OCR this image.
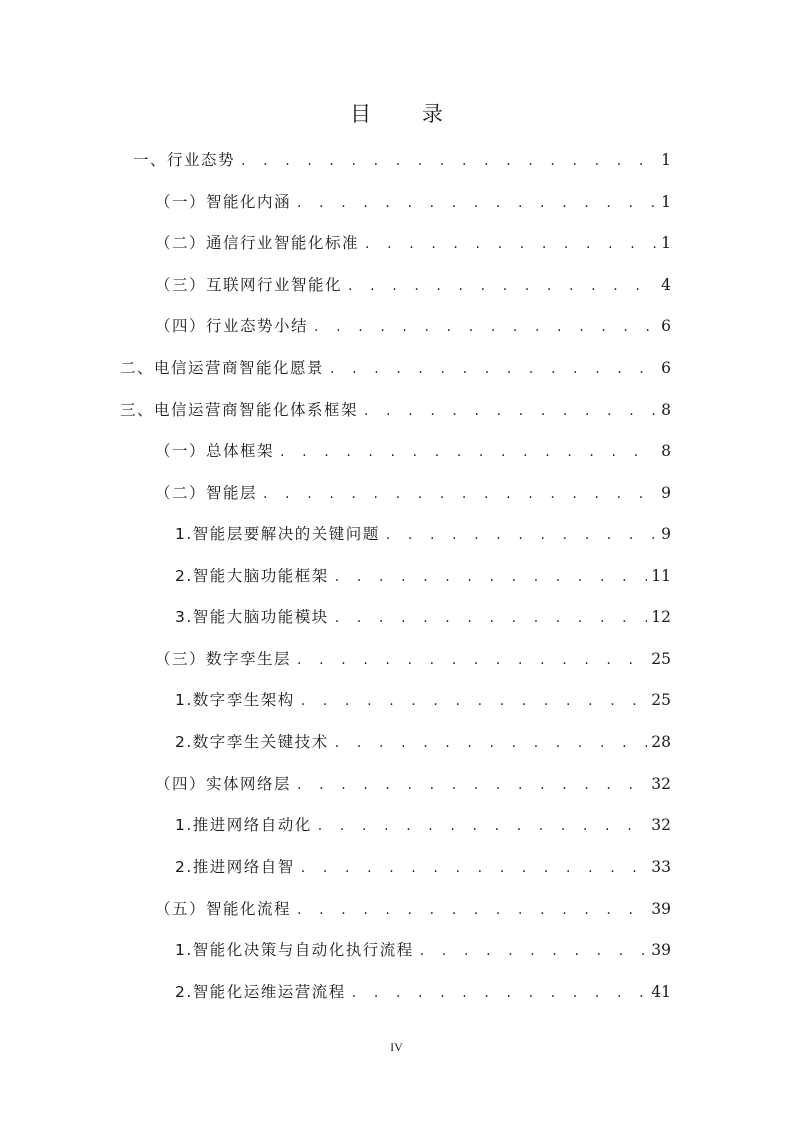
目 录
一、行业态势 . . .	1
（一）智能化内涵 . . .	1
（二）通信行业智能化标准 . . .	1
（三）互联网行业智能化 . . .	4
（四）行业态势小结 . . .	6
二、电信运营商智能化愿景 . . .	6
三、电信运营商智能化体系框架 . . .	8
（一）总体框架 . . .	8
（二）智能层 . . .	9
1.智能层要解决的关键问题 . . .	9
2.智能大脑功能框架 . . .	11
3.智能大脑功能模块 . . .	12
（三）数字孪生层 . . .	25
1.数字孪生架构 . . .	25
2.数字孪生关键技术 . . .	28
（四）实体网络层 . . .	32
1.推进网络自动化 . . .	32
2.推进网络自智 . . .	33
（五）智能化流程 . . .	39
1.智能化决策与自动化执行流程 . . .	39
2.智能化运维运营流程 . . .	41
IV
